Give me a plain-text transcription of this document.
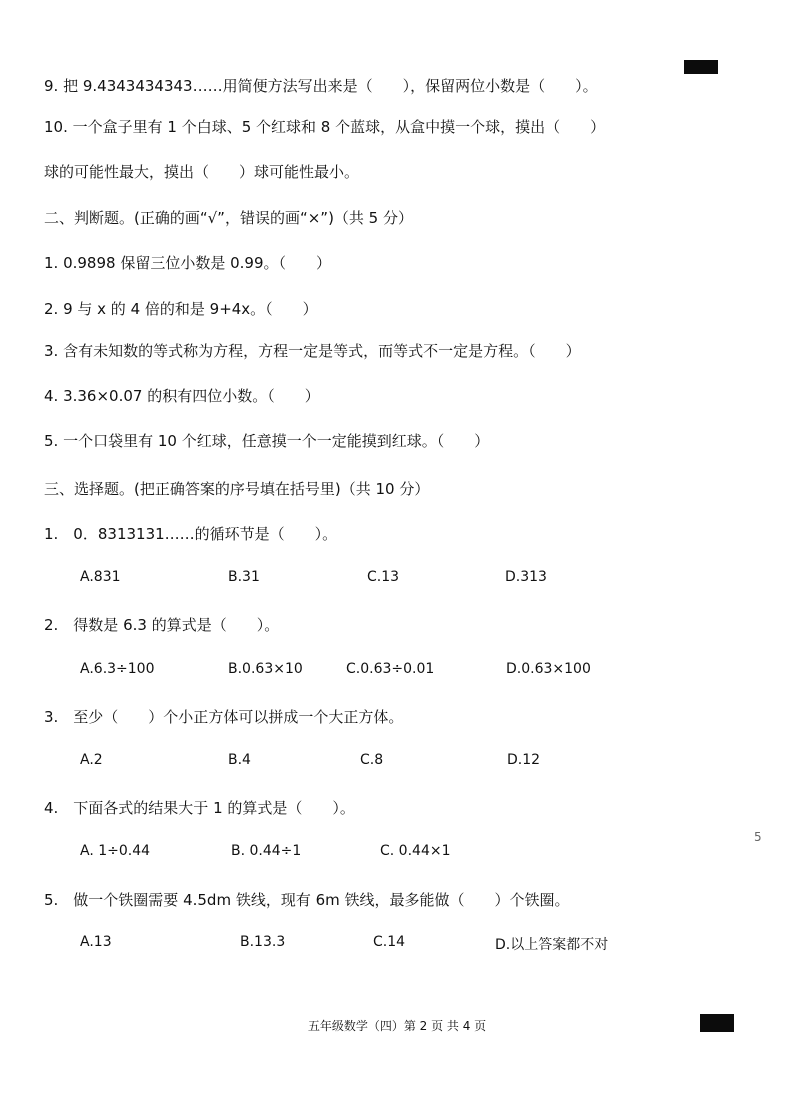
9. 把 9.4343434343……用简便方法写出来是（　　），保留两位小数是（　　）。
10. 一个盒子里有 1 个白球、5 个红球和 8 个蓝球，从盒中摸一个球，摸出（　　）
球的可能性最大，摸出（　　）球可能性最小。
二、判断题。(正确的画“√”，错误的画“×”)（共 5 分）
1. 0.9898 保留三位小数是 0.99。（　　）
2. 9 与 x 的 4 倍的和是 9+4x。（　　）
3. 含有未知数的等式称为方程，方程一定是等式，而等式不一定是方程。（　　）
4. 3.36×0.07 的积有四位小数。（　　）
5. 一个口袋里有 10 个红球，任意摸一个一定能摸到红球。（　　）
三、选择题。(把正确答案的序号填在括号里)（共 10 分）
1.　0．8313131……的循环节是（　　）。
A.831	B.31	C.13	D.313
2.　得数是 6.3 的算式是（　　）。
A.6.3÷100	B.0.63×10	C.0.63÷0.01	D.0.63×100
3.　至少（　　）个小正方体可以拼成一个大正方体。
A.2	B.4	C.8	D.12
4.　下面各式的结果大于 1 的算式是（　　）。
A. 1÷0.44	B. 0.44÷1	C. 0.44×1
5.　做一个铁圈需要 4.5dm 铁线，现有 6m 铁线，最多能做（　　）个铁圈。
A.13	B.13.3	C.14	D.以上答案都不对
5
五年级数学（四）第 2 页 共 4 页
